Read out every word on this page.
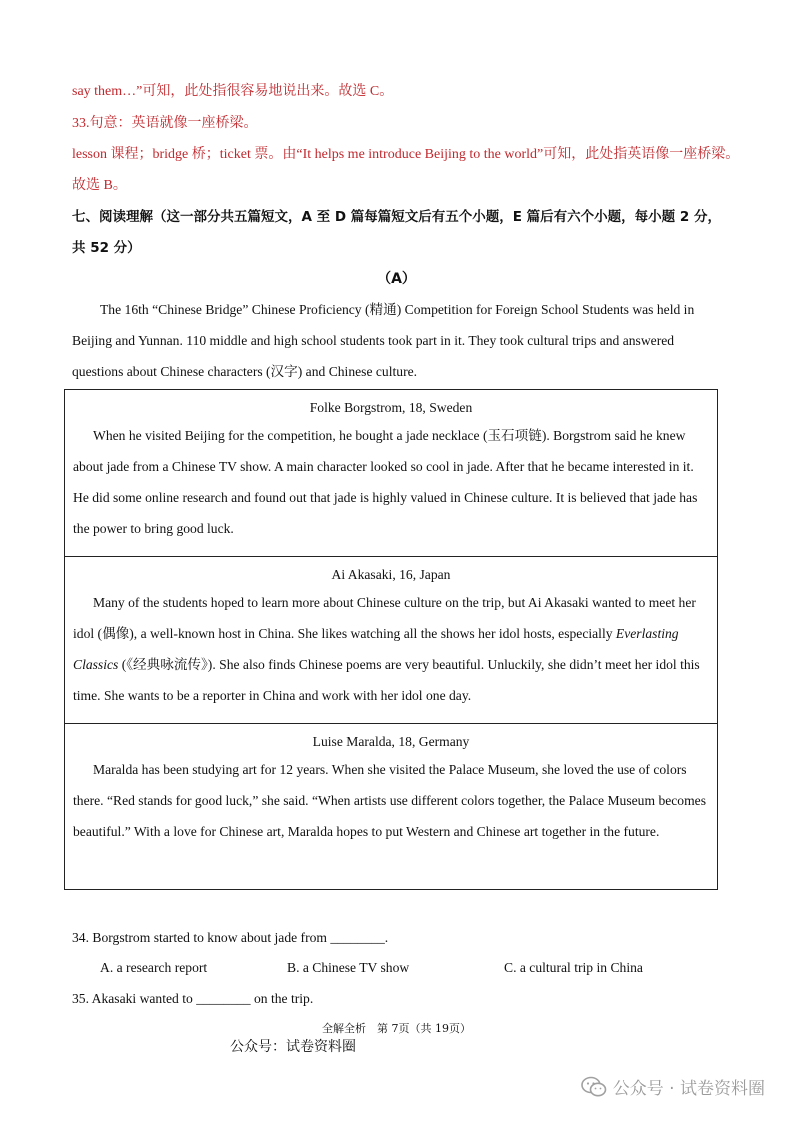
say them…”可知，此处指很容易地说出来。故选 C。
33.句意：英语就像一座桥梁。
lesson 课程；bridge 桥；ticket 票。由“It helps me introduce Beijing to the world”可知，此处指英语像一座桥梁。
故选 B。
七、阅读理解（这一部分共五篇短文，A 至 D 篇每篇短文后有五个小题，E 篇后有六个小题，每小题 2 分，
共 52 分）
（A）
The 16th “Chinese Bridge” Chinese Proficiency (精通) Competition for Foreign School Students was held in Beijing and Yunnan. 110 middle and high school students took part in it. They took cultural trips and answered questions about Chinese characters (汉字) and Chinese culture.
Folke Borgstrom, 18, Sweden
When he visited Beijing for the competition, he bought a jade necklace (玉石项链). Borgstrom said he knew about jade from a Chinese TV show. A main character looked so cool in jade. After that he became interested in it. He did some online research and found out that jade is highly valued in Chinese culture. It is believed that jade has the power to bring good luck.
Ai Akasaki, 16, Japan
Many of the students hoped to learn more about Chinese culture on the trip, but Ai Akasaki wanted to meet her idol (偶像), a well-known host in China. She likes watching all the shows her idol hosts, especially Everlasting Classics (《经典咏流传》). She also finds Chinese poems are very beautiful. Unluckily, she didn’t meet her idol this time. She wants to be a reporter in China and work with her idol one day.
Luise Maralda, 18, Germany
Maralda has been studying art for 12 years. When she visited the Palace Museum, she loved the use of colors there. “Red stands for good luck,” she said. “When artists use different colors together, the Palace Museum becomes beautiful.” With a love for Chinese art, Maralda hopes to put Western and Chinese art together in the future.
34. Borgstrom started to know about jade from ________.
A. a research report	B. a Chinese TV show	C. a cultural trip in China
35. Akasaki wanted to ________ on the trip.
全解全析　第 7页（共 19页）
公众号：试卷资料圈
公众号 · 试卷资料圈
